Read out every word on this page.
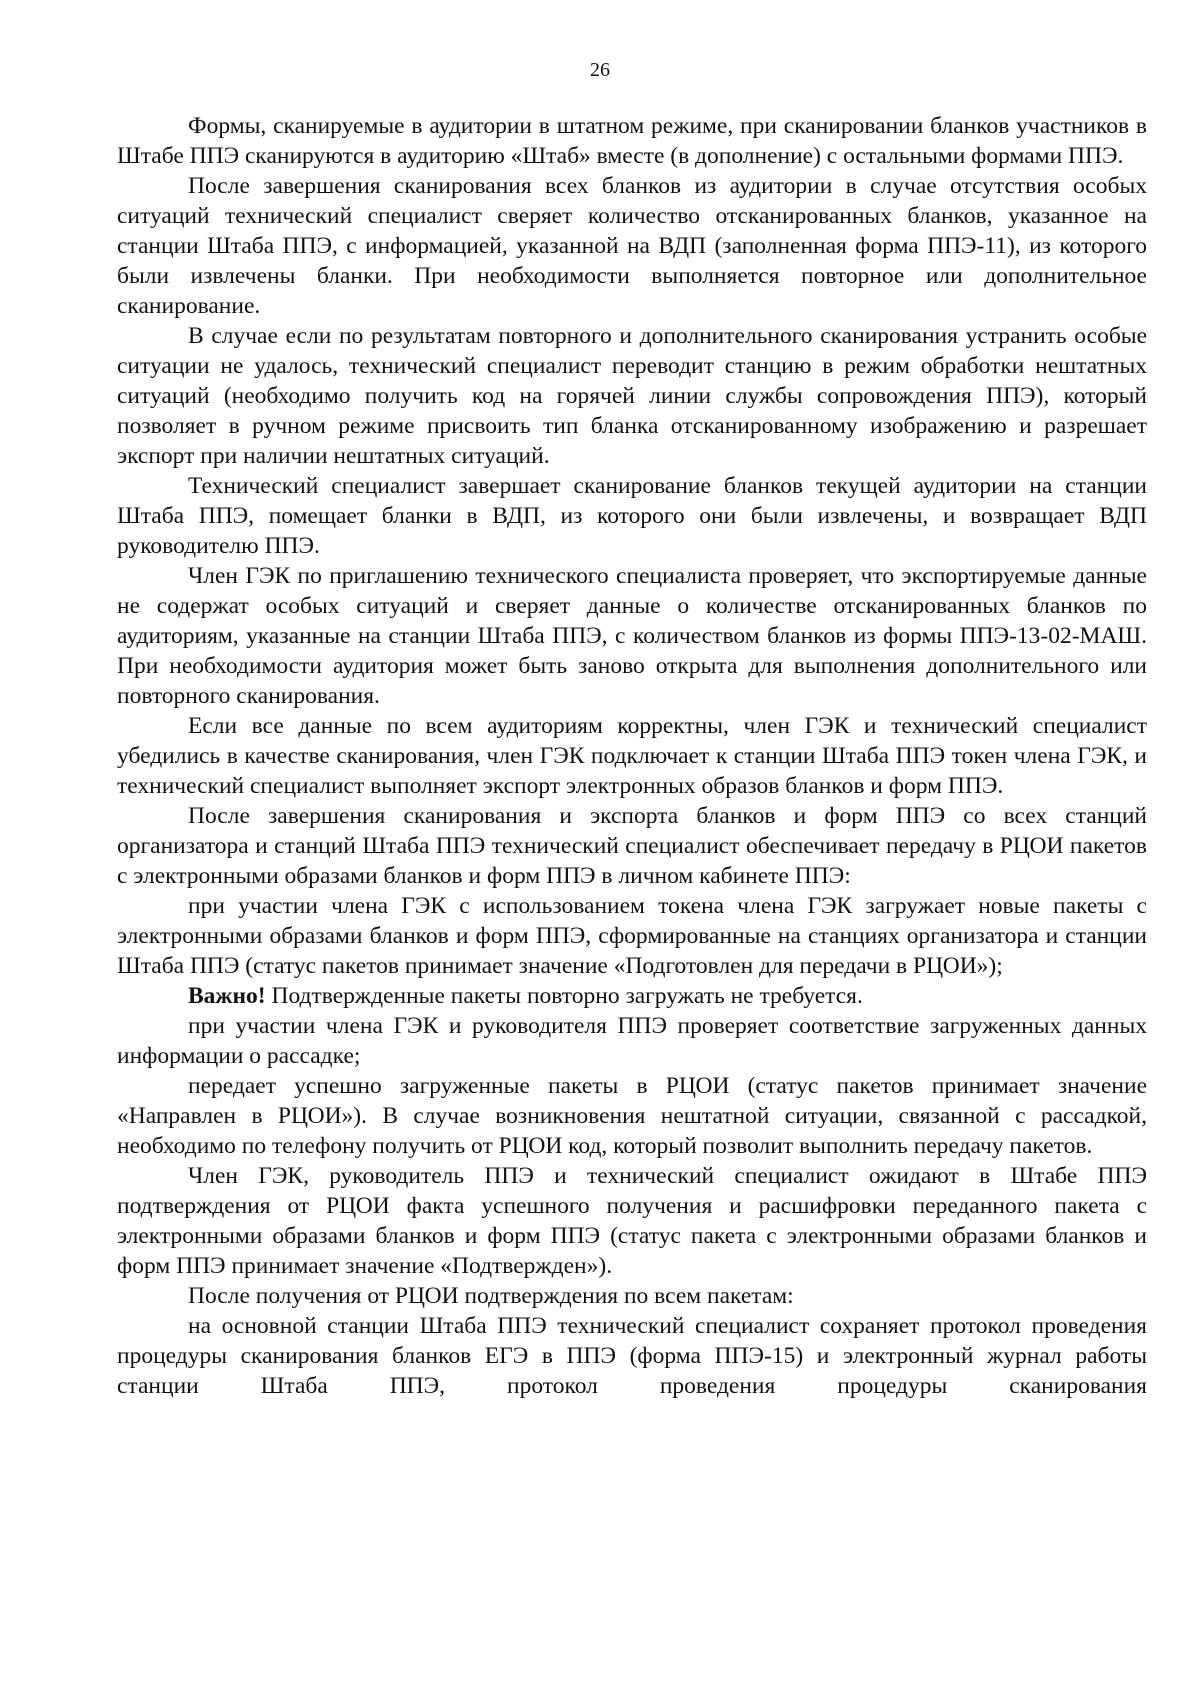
26

Формы, сканируемые в аудитории в штатном режиме, при сканировании бланков участников в Штабе ППЭ сканируются в аудиторию «Штаб» вместе (в дополнение) с остальными формами ППЭ.

После завершения сканирования всех бланков из аудитории в случае отсутствия особых ситуаций технический специалист сверяет количество отсканированных бланков, указанное на станции Штаба ППЭ, с информацией, указанной на ВДП (заполненная форма ППЭ-11), из которого были извлечены бланки. При необходимости выполняется повторное или дополнительное сканирование.

В случае если по результатам повторного и дополнительного сканирования устранить особые ситуации не удалось, технический специалист переводит станцию в режим обработки нештатных ситуаций (необходимо получить код на горячей линии службы сопровождения ППЭ), который позволяет в ручном режиме присвоить тип бланка отсканированному изображению и разрешает экспорт при наличии нештатных ситуаций.

Технический специалист завершает сканирование бланков текущей аудитории на станции Штаба ППЭ, помещает бланки в ВДП, из которого они были извлечены, и возвращает ВДП руководителю ППЭ.

Член ГЭК по приглашению технического специалиста проверяет, что экспортируемые данные не содержат особых ситуаций и сверяет данные о количестве отсканированных бланков по аудиториям, указанные на станции Штаба ППЭ, с количеством бланков из формы ППЭ-13-02-МАШ. При необходимости аудитория может быть заново открыта для выполнения дополнительного или повторного сканирования.

Если все данные по всем аудиториям корректны, член ГЭК и технический специалист убедились в качестве сканирования, член ГЭК подключает к станции Штаба ППЭ токен члена ГЭК, и технический специалист выполняет экспорт электронных образов бланков и форм ППЭ.

После завершения сканирования и экспорта бланков и форм ППЭ со всех станций организатора и станций Штаба ППЭ технический специалист обеспечивает передачу в РЦОИ пакетов с электронными образами бланков и форм ППЭ в личном кабинете ППЭ:

при участии члена ГЭК с использованием токена члена ГЭК загружает новые пакеты с электронными образами бланков и форм ППЭ, сформированные на станциях организатора и станции Штаба ППЭ (статус пакетов принимает значение «Подготовлен для передачи в РЦОИ»);

Важно! Подтвержденные пакеты повторно загружать не требуется.

при участии члена ГЭК и руководителя ППЭ проверяет соответствие загруженных данных информации о рассадке;

передает успешно загруженные пакеты в РЦОИ (статус пакетов принимает значение «Направлен в РЦОИ»). В случае возникновения нештатной ситуации, связанной с рассадкой, необходимо по телефону получить от РЦОИ код, который позволит выполнить передачу пакетов.

Член ГЭК, руководитель ППЭ и технический специалист ожидают в Штабе ППЭ подтверждения от РЦОИ факта успешного получения и расшифровки переданного пакета с электронными образами бланков и форм ППЭ (статус пакета с электронными образами бланков и форм ППЭ принимает значение «Подтвержден»).

После получения от РЦОИ подтверждения по всем пакетам:

на основной станции Штаба ППЭ технический специалист сохраняет протокол проведения процедуры сканирования бланков ЕГЭ в ППЭ (форма ППЭ-15) и электронный журнал работы станции Штаба ППЭ, протокол проведения процедуры сканирования
